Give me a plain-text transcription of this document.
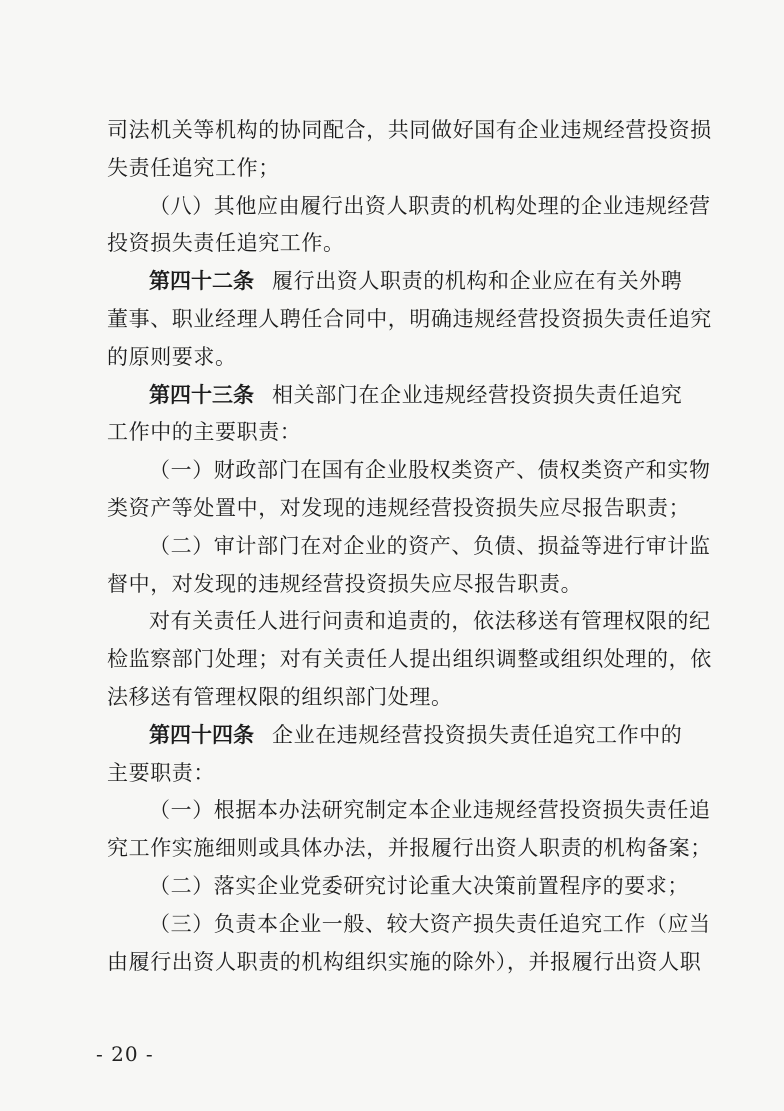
司法机关等机构的协同配合，共同做好国有企业违规经营投资损
失责任追究工作；
（八）其他应由履行出资人职责的机构处理的企业违规经营
投资损失责任追究工作。
第四十二条 履行出资人职责的机构和企业应在有关外聘
董事、职业经理人聘任合同中，明确违规经营投资损失责任追究
的原则要求。
第四十三条 相关部门在企业违规经营投资损失责任追究
工作中的主要职责：
（一）财政部门在国有企业股权类资产、债权类资产和实物
类资产等处置中，对发现的违规经营投资损失应尽报告职责；
（二）审计部门在对企业的资产、负债、损益等进行审计监
督中，对发现的违规经营投资损失应尽报告职责。
对有关责任人进行问责和追责的，依法移送有管理权限的纪
检监察部门处理；对有关责任人提出组织调整或组织处理的，依
法移送有管理权限的组织部门处理。
第四十四条 企业在违规经营投资损失责任追究工作中的
主要职责：
（一）根据本办法研究制定本企业违规经营投资损失责任追
究工作实施细则或具体办法，并报履行出资人职责的机构备案；
（二）落实企业党委研究讨论重大决策前置程序的要求；
（三）负责本企业一般、较大资产损失责任追究工作（应当
由履行出资人职责的机构组织实施的除外），并报履行出资人职
- 20 -
